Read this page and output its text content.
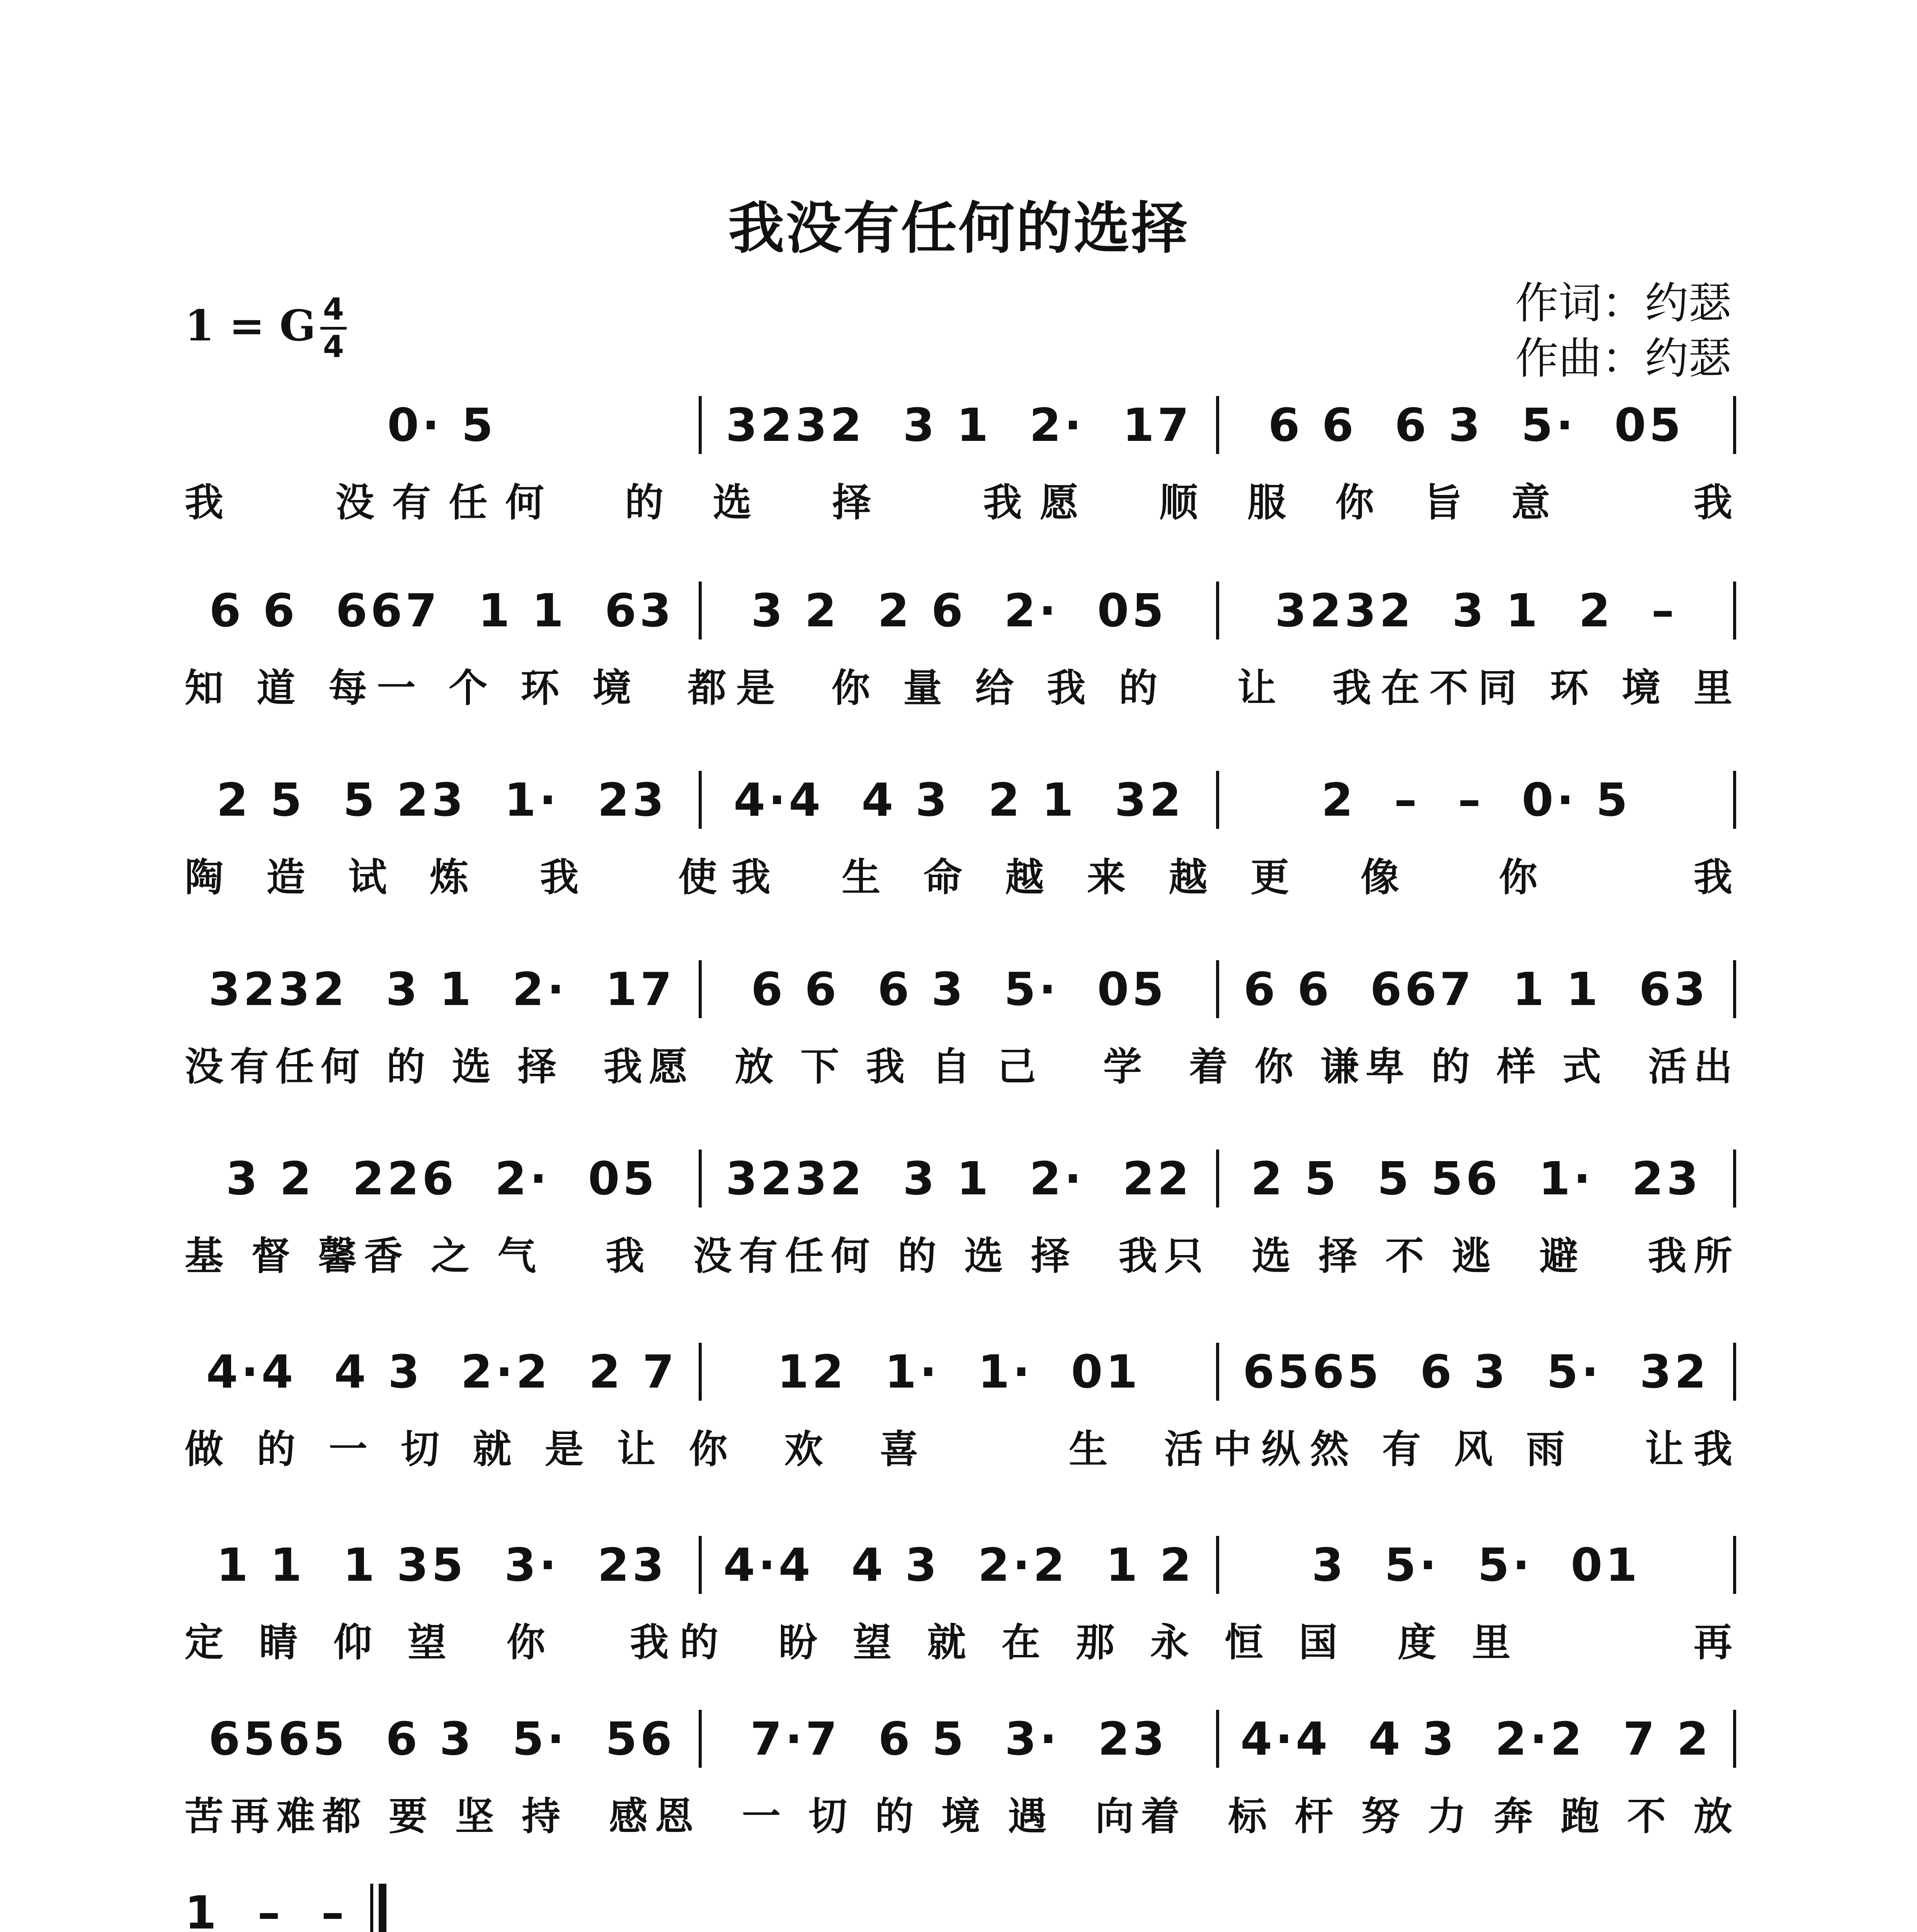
我没有任何的选择
1 = G 4
4
作词：约瑟
作曲：约瑟
0· 5	3232  3 1  2·  17	6 6  6 3  5·  05
我   没有任何  的 选  择   我愿  顺 服 你 旨 意    我
6 6  667  1 1  63	3 2  2 6  2·  05	3232  3 1  2  –
知 道 每一 个 环 境  都是  你 量 给 我 的   让  我在不同 环 境 里
2 5  5 23  1·  23	4·4  4 3  2 1  32	2  –  –  0· 5
陶 造 试 炼  我   使我  生 命 越 来 越 更  像   你     我
3232  3 1  2·  17	6 6  6 3  5·  05	6 6  667  1 1  63
没有任何 的 选 择  我愿  放 下 我 自 己   学  着 你 谦卑 的 样 式  活出
3 2  226  2·  05	3232  3 1  2·  22	2 5  5 56  1·  23
基 督 馨香 之 气   我  没有任何 的 选 择  我只  选 择 不 逃  避   我所
4·4  4 3  2·2  2 7	12  1·  1·  01	6565  6 3  5·  32
做 的 一 切 就 是 让 你  欢  喜      生  活中纵然 有 风 雨   让我
1 1  1 35  3·  23	4·4  4 3  2·2  1 2	3  5·  5·  01
定 睛 仰 望  你   我的  盼 望 就 在 那 永 恒 国  度 里       再
6565  6 3  5·  56	7·7  6 5  3·  23	4·4  4 3  2·2  7 2
苦再难都 要 坚 持  感恩  一 切 的 境 遇  向着  标 杆 努 力 奔 跑 不 放
1  –  –
